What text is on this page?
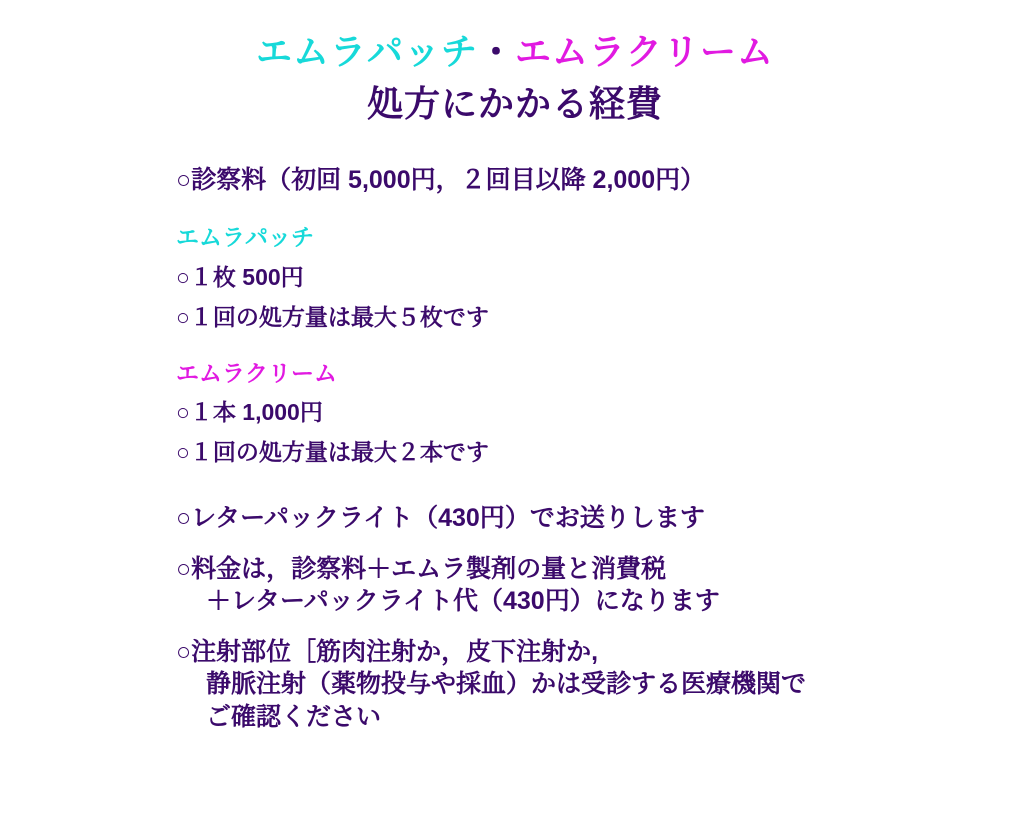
エムラパッチ・エムラクリーム
処方にかかる経費
○診察料（初回 5,000円，２回目以降 2,000円）
エムラパッチ
○１枚 500円
○１回の処方量は最大５枚です
エムラクリーム
○１本 1,000円
○１回の処方量は最大２本です
○レターパックライト（430円）でお送りします
○料金は，診察料＋エムラ製剤の量と消費税
＋レターパックライト代（430円）になります
○注射部位［筋肉注射か，皮下注射か,
静脈注射（薬物投与や採血）かは受診する医療機関で
ご確認ください
